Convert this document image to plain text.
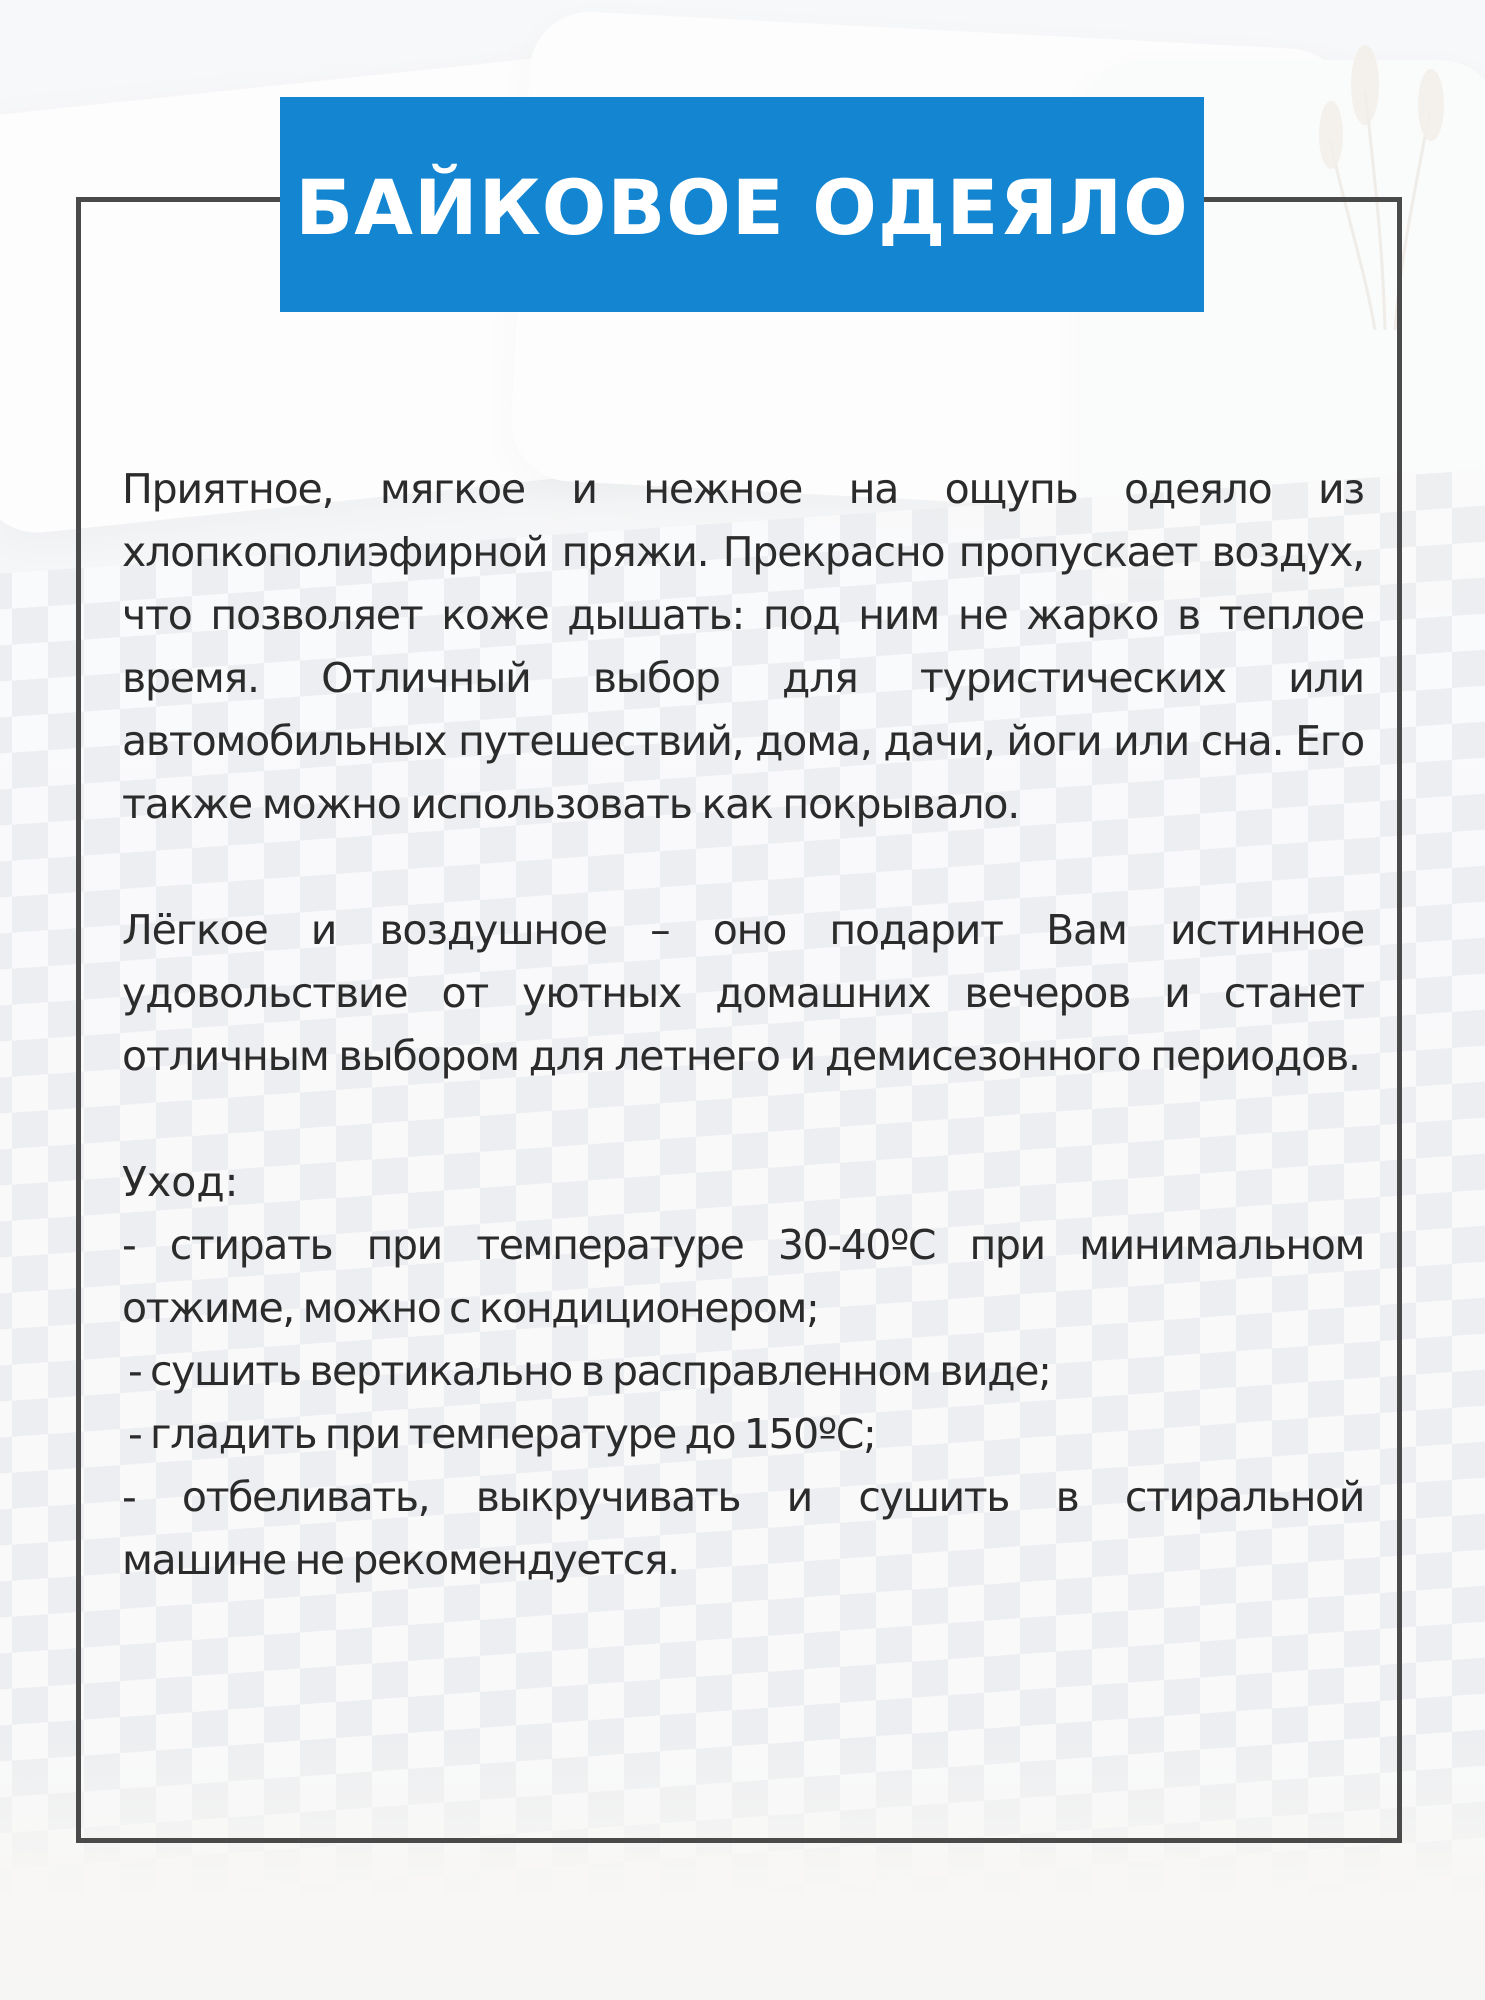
БАЙКОВОЕ ОДЕЯЛО

Приятное, мягкое и нежное на ощупь одеяло из хлопкополиэфирной пряжи. Прекрасно пропускает воздух, что позволяет коже дышать: под ним не жарко в теплое время. Отличный выбор для туристических или автомобильных путешествий, дома, дачи, йоги или сна. Его также можно использовать как покрывало.

Лёгкое и воздушное – оно подарит Вам истинное удовольствие от уютных домашних вечеров и станет отличным выбором для летнего и демисезонного периодов.

Уход:

- стирать при температуре 30-40ºС при минимальном

отжиме, можно с кондиционером;

- сушить вертикально в расправленном виде;

- гладить при температуре до 150ºС;

- отбеливать, выкручивать и сушить в стиральной

машине не рекомендуется.
